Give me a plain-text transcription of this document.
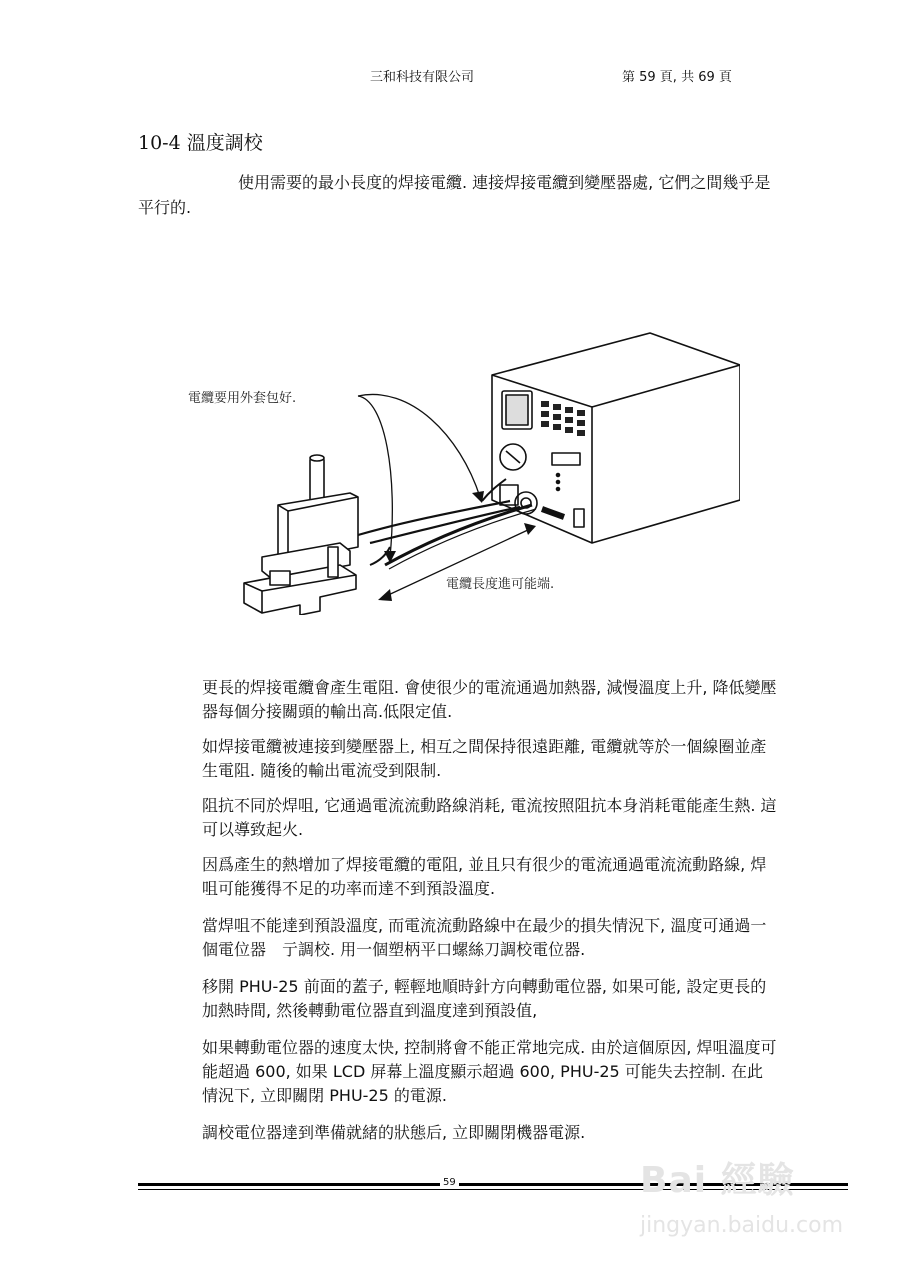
三和科技有限公司	第 59 頁, 共 69 頁
10-4 溫度調校
使用需要的最小長度的焊接電纜. 連接焊接電纜到變壓器處, 它們之間幾乎是平行的.
電纜要用外套包好.
電纜長度進可能端.
更長的焊接電纜會產生電阻. 會使很少的電流通過加熱器, 減慢溫度上升, 降低變壓器每個分接關頭的輸出高.低限定值.
如焊接電纜被連接到變壓器上, 相互之間保持很遠距離, 電纜就等於一個線圈並產生電阻. 隨後的輸出電流受到限制.
阻抗不同於焊咀, 它通過電流流動路線消耗, 電流按照阻抗本身消耗電能產生熱. 這可以導致起火.
因爲產生的熱增加了焊接電纜的電阻, 並且只有很少的電流通過電流流動路線, 焊咀可能獲得不足的功率而達不到預設溫度.
當焊咀不能達到預設溫度, 而電流流動路線中在最少的損失情況下, 溫度可通過一個電位器　亍調校. 用一個塑柄平口螺絲刀調校電位器.
移開 PHU-25 前面的蓋子, 輕輕地順時針方向轉動電位器, 如果可能, 設定更長的加熱時間, 然後轉動電位器直到溫度達到預設值,
如果轉動電位器的速度太快, 控制將會不能正常地完成. 由於這個原因, 焊咀溫度可能超過 600, 如果 LCD 屏幕上溫度顯示超過 600, PHU-25 可能失去控制. 在此情況下, 立即關閉 PHU-25 的電源.
調校電位器達到準備就緒的狀態后, 立即關閉機器電源.
59	Bai 經驗
jingyan.baidu.com
